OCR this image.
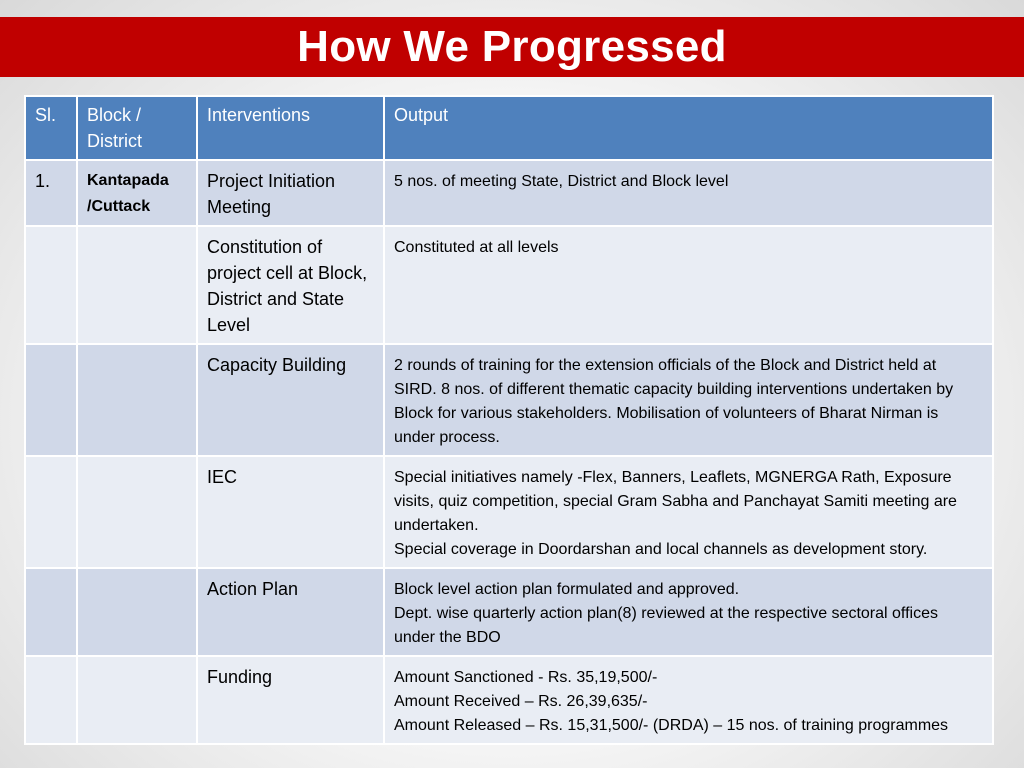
How We Progressed
Sl.	Block / District	Interventions	Output
1.	Kantapada /Cuttack	Project Initiation Meeting	5 nos. of meeting State, District and Block level

		Constitution of project cell at Block, District and State Level	Constituted at all levels

		Capacity Building	2 rounds of training for the extension officials of the Block and District held at SIRD. 8 nos. of different thematic capacity building interventions undertaken by Block for various stakeholders. Mobilisation of volunteers of Bharat Nirman is under process.

		IEC	Special initiatives namely -Flex, Banners, Leaflets, MGNERGA Rath, Exposure visits, quiz competition, special Gram Sabha and Panchayat Samiti meeting are undertaken.
Special coverage in Doordarshan and local channels as development story.

		Action Plan	Block level action plan formulated and approved.
Dept. wise quarterly action plan(8) reviewed at the respective sectoral offices under the BDO

		Funding	Amount Sanctioned - Rs. 35,19,500/-
Amount Received – Rs. 26,39,635/-
Amount Released – Rs. 15,31,500/- (DRDA) – 15 nos. of training programmes
